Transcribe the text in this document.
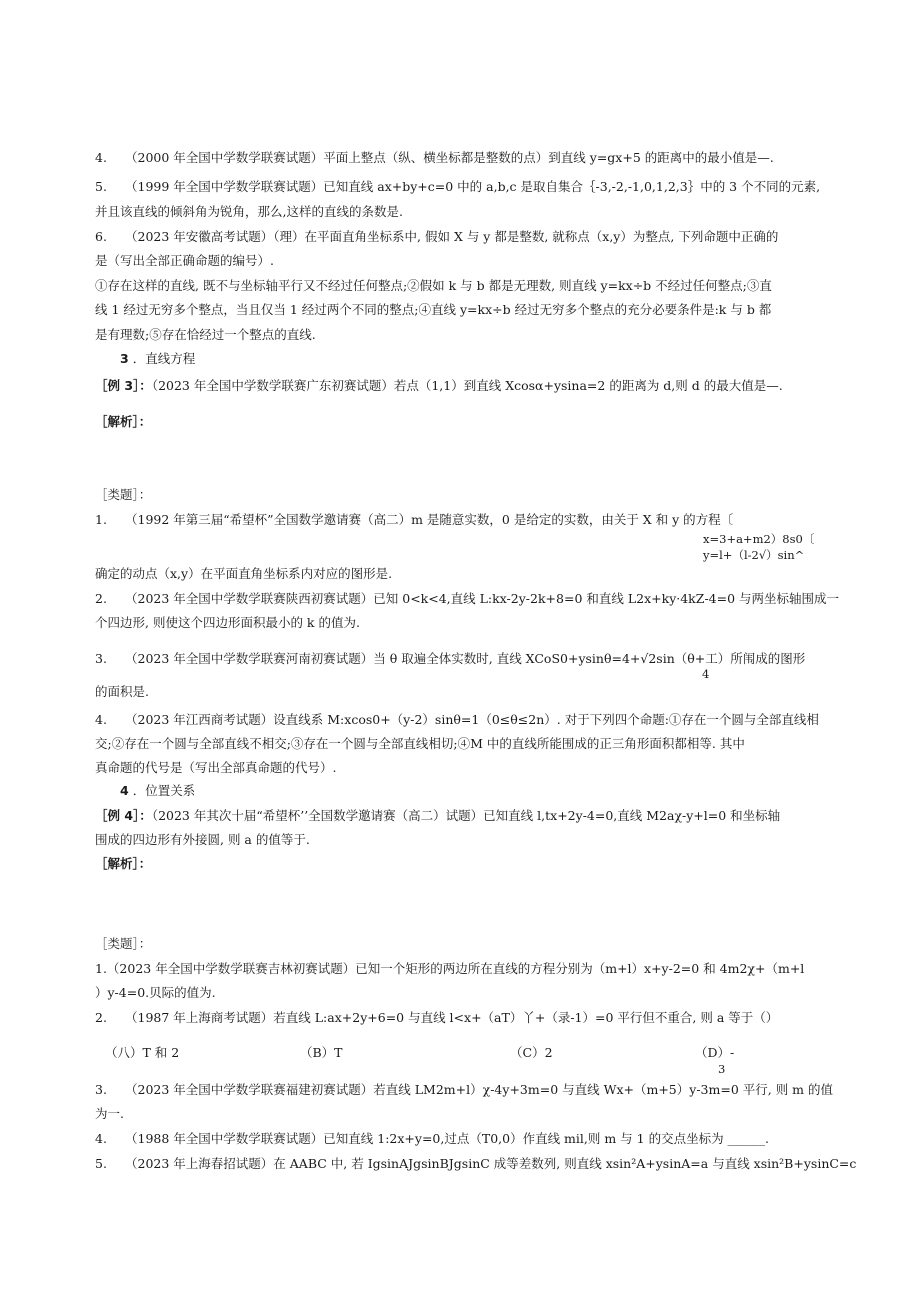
4. （2000 年全国中学数学联赛试题）平面上整点（纵、横坐标都是整数的点）到直线 y=gx+5 的距离中的最小值是—.
5. （1999 年全国中学数学联赛试题）已知直线 ax+by+c=0 中的 a,b,c 是取自集合｛-3,-2,-1,0,1,2,3｝中的 3 个不同的元素,
并且该直线的倾斜角为锐角，那么,这样的直线的条数是.
6. （2023 年安徽高考试题）（理）在平面直角坐标系中, 假如 X 与 y 都是整数, 就称点（x,y）为整点, 下列命题中正确的
是（写出全部正确命题的编号）.
①存在这样的直线, 既不与坐标轴平行又不经过任何整点;②假如 k 与 b 都是无理数, 则直线 y=kx÷b 不经过任何整点;③直
线 1 经过无穷多个整点，当且仅当 1 经过两个不同的整点;④直线 y=kx÷b 经过无穷多个整点的充分必要条件是:k 与 b 都
是有理数;⑤存在恰经过一个整点的直线.
3 ．直线方程
［例 3］：（2023 年全国中学数学联赛广东初赛试题）若点（1,1）到直线 Xcosα+ysina=2 的距离为 d,则 d 的最大值是—.
［解析］：
［类题］：
1. （1992 年第三届“希望杯”全国数学邀请赛（高二）m 是随意实数，0 是给定的实数，由关于 X 和 y 的方程〔
x=3+a+m2）8s0〔
y=l+（l-2√）sin^
确定的动点（x,y）在平面直角坐标系内对应的图形是.
2. （2023 年全国中学数学联赛陕西初赛试题）已知 0<k<4,直线 L:kx-2y-2k+8=0 和直线 L2x+ky·4kZ-4=0 与两坐标轴围成一
个四边形, 则使这个四边形面积最小的 k 的值为.
3. （2023 年全国中学数学联赛河南初赛试题）当 θ 取遍全体实数时, 直线 XCoS0+ysinθ=4+√2sin（θ+工）所闱成的图形
4
的面积是.
4. （2023 年江西商考试题）设直线系 M:xcos0+（y-2）sinθ=1（0≤θ≤2n）. 对于下列四个命题:①存在一个圆与全部直线相
交;②存在一个圆与全部直线不相交;③存在一个圆与全部直线相切;④M 中的直线所能围成的正三角形面积都相等. 其中
真命题的代号是（写出全部真命题的代号）.
4 ．位置关系
［例 4］：（2023 年其次十届“希望杯’’全国数学邀请赛（高二）试题）已知直线 l,tx+2y-4=0,直线 M2aχ-y+l=0 和坐标轴
围成的四边形有外接圆, 则 a 的值等于.
［解析］：
［类题］：
1.（2023 年全国中学数学联赛吉林初赛试题）已知一个矩形的两边所在直线的方程分别为（m+l）x+y-2=0 和 4m2χ+（m+l
）y-4=0.贝际的值为.
2. （1987 年上海商考试题）若直线 L:ax+2y+6=0 与直线 l<x+（aT）丫+（录-1）=0 平行但不重合, 则 a 等于（）
（八）T 和 2	（B）T	（C）2	（D）-
3
3. （2023 年全国中学数学联赛福建初赛试题）若直线 LM2m+l）χ-4y+3m=0 与直线 Wx+（m+5）y-3m=0 平行, 则 m 的值
为一.
4. （1988 年全国中学数学联赛试题）已知直线 1:2x+y=0,过点（T0,0）作直线 mil,则 m 与 1 的交点坐标为 ______.
5. （2023 年上海春招试题）在 AABC 中, 若 IgsinAJgsinBJgsinC 成等差数列, 则直线 xsin²A+ysinA=a 与直线 xsin²B+ysinC=c
